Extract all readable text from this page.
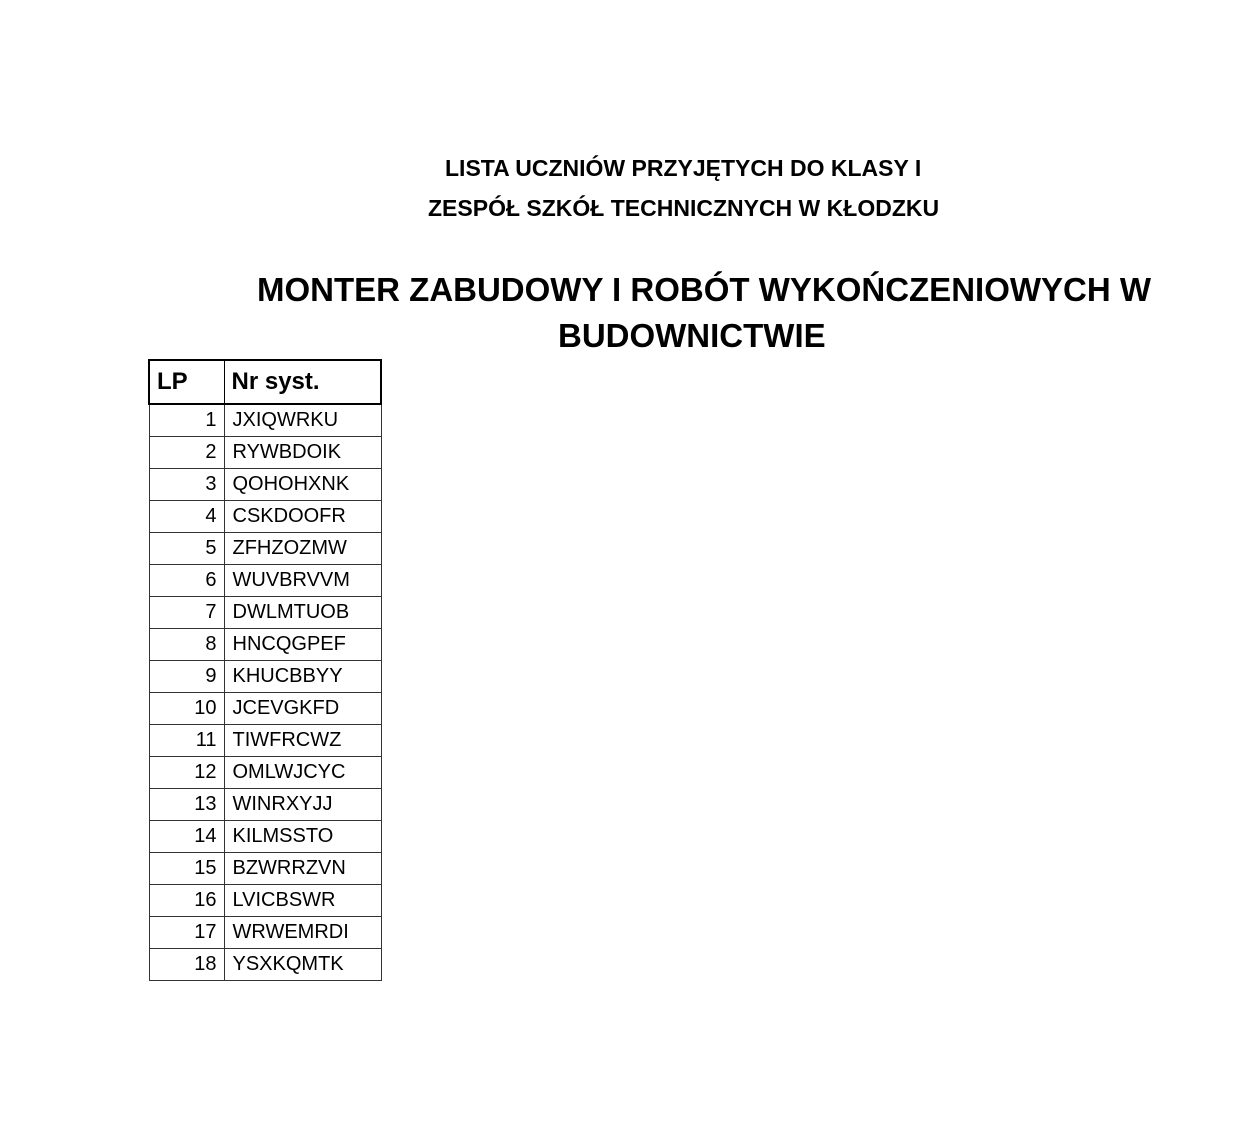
LISTA UCZNIÓW PRZYJĘTYCH DO KLASY I
ZESPÓŁ SZKÓŁ TECHNICZNYCH W KŁODZKU
MONTER ZABUDOWY I ROBÓT WYKOŃCZENIOWYCH W
BUDOWNICTWIE
LP	Nr syst.
1	JXIQWRKU
2	RYWBDOIK
3	QOHOHXNK
4	CSKDOOFR
5	ZFHZOZMW
6	WUVBRVVM
7	DWLMTUOB
8	HNCQGPEF
9	KHUCBBYY
10	JCEVGKFD
11	TIWFRCWZ
12	OMLWJCYC
13	WINRXYJJ
14	KILMSSTO
15	BZWRRZVN
16	LVICBSWR
17	WRWEMRDI
18	YSXKQMTK
